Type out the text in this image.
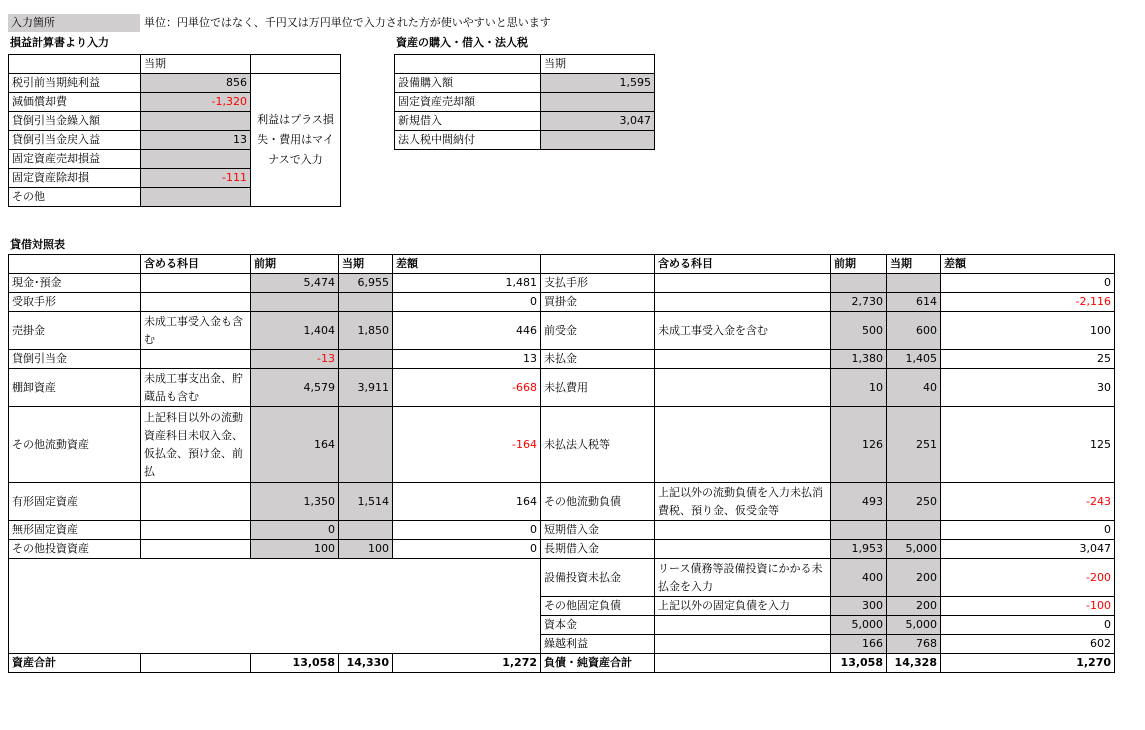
入力箇所	単位：円単位ではなく、千円又は万円単位で入力された方が使いやすいと思います
損益計算書より入力
	当期	
税引前当期純利益	856	利益はプラス損失・費用はマイナスで入力
減価償却費	-1,320	
貸倒引当金繰入額		
貸倒引当金戻入益	13	
固定資産売却損益		
固定資産除却損	-111	
その他		
資産の購入・借入・法人税
	当期
設備購入額	1,595
固定資産売却額	
新規借入	3,047
法人税中間納付	
貸借対照表
	含める科目	前期	当期	差額		含める科目	前期	当期	差額
現金･預金		5,474	6,955	1,481	支払手形				0
受取手形				0	買掛金		2,730	614	-2,116
売掛金	未成工事受入金も含む	1,404	1,850	446	前受金	未成工事受入金を含む	500	600	100
貸倒引当金		-13		13	未払金		1,380	1,405	25
棚卸資産	未成工事支出金、貯蔵品も含む	4,579	3,911	-668	未払費用		10	40	30
その他流動資産	上記科目以外の流動資産科目未収入金、仮払金、預け金、前払	164		-164	未払法人税等		126	251	125
有形固定資産		1,350	1,514	164	その他流動負債	上記以外の流動負債を入力未払消費税、預り金、仮受金等	493	250	-243
無形固定資産		0		0	短期借入金				0
その他投資資産		100	100	0	長期借入金		1,953	5,000	3,047
					設備投資未払金	リース債務等設備投資にかかる未払金を入力	400	200	-200
					その他固定負債	上記以外の固定負債を入力	300	200	-100
					資本金		5,000	5,000	0
					繰越利益		166	768	602
資産合計		13,058	14,330	1,272	負債・純資産合計		13,058	14,328	1,270
